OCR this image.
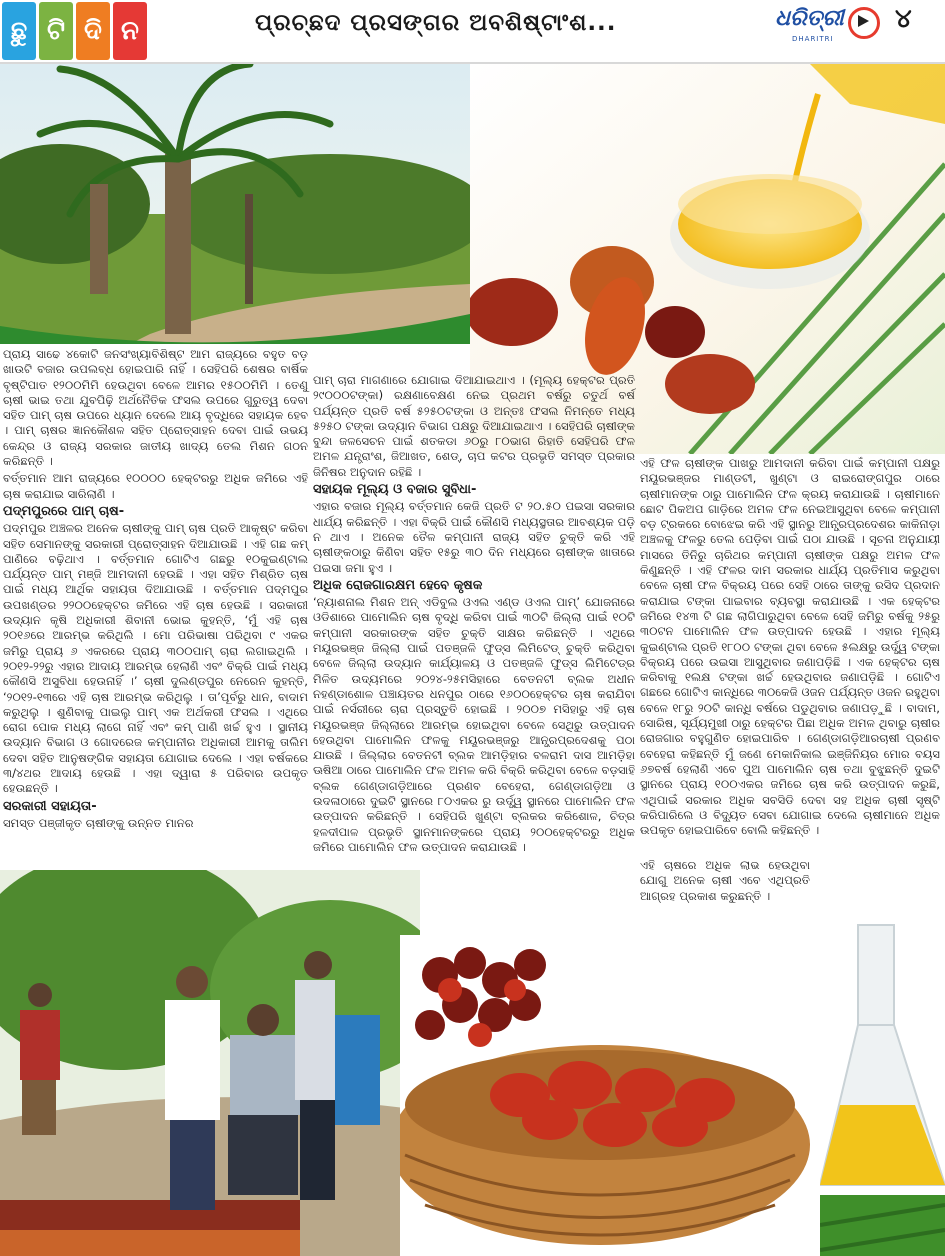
ଛୁ ଟି ଦି ନ	ପ୍ରଚ୍ଛଦ ପ୍ରସଙ୍ଗର ଅବଶିଷ୍ଟାଂଶ...	ଧରିତ୍ରୀ
DHARITRI
୪

ପ୍ରାୟ ସାଢେ ୪କୋଟି ଜନସଂଖ୍ୟାବିଶିଷ୍ଟ ଆମ ରାଜ୍ୟରେ ବହୁତ ବଡ଼ ଖାଉଟି ବଜାର ଉପଲବ୍ଧ ହୋଇପାରି ନାହିଁ । ସେହିପରି ଶେଷର ବାର୍ଷିକ ବୃଷ୍ଟିପାତ ୧୨୦୦ମିମି ହେଉଥିବା ବେଳେ ଆମର ୧୫୦୦ମିମି । ତେଣୁ ଚାଷୀ ଭାଇ ତଥା ଯୁବପିଢ଼ି ଅର୍ଥନୈତିକ ଫସଲ ଉପରେ ଗୁରୁତ୍ୱ ଦେବା ସହିତ ପାମ୍ ଚାଷ ଉପରେ ଧ୍ୟାନ ଦେଲେ ଆୟ ବୃଦ୍ଧିରେ ସହାୟକ ହେବ । ପାମ୍ ଚାଷର ଜ୍ଞାନକୌଶଳ ସହିତ ପ୍ରୋତ୍ସାହନ ଦେବା ପାଇଁ ଉଭୟ କେନ୍ଦ୍ର ଓ ରାଜ୍ୟ ସରକାର ଜାତୀୟ ଖାଦ୍ୟ ତେଲ ମିଶନ ଗଠନ କରିଛନ୍ତି ।

ବର୍ତ୍ତମାନ ଆମ ରାଜ୍ୟରେ ୧୦୦୦୦ ହେକ୍ଟରରୁ ଅଧିକ ଜମିରେ ଏହି ଚାଷ କରାଯାଇ ସାରିଲାଣି ।

ପଦ୍ମପୁରରେ ପାମ୍ ଚାଷ-

ପଦ୍ମପୁର ଅଞ୍ଚଳର ଅନେକ ଚାଷୀଙ୍କୁ ପାମ୍ ଚାଷ ପ୍ରତି ଆକୃଷ୍ଟ କରିବା ସହିତ ସେମାନଙ୍କୁ ସରକାରୀ ପ୍ରୋତ୍ସାହନ ଦିଆଯାଉଛି । ଏହି ଗଛ କମ୍ ପାଣିରେ ବଢ଼ିଥାଏ । ବର୍ତ୍ତମାନ ଗୋଟିଏ ଗଛରୁ ୧୦କୁଇଣ୍ଟାଲ ପର୍ଯ୍ୟନ୍ତ ପାମ୍ ମଞ୍ଜି ଆମଦାନୀ ହେଉଛି । ଏହା ସହିତ ମିଶ୍ରିତ ଚାଷ ପାଇଁ ମଧ୍ୟ ଆର୍ଥିକ ସହାୟତା ଦିଆଯାଉଛି । ବର୍ତ୍ତମାନ ପଦ୍ମପୁର ଉପଖଣ୍ଡର ୨୨୦୦ହେକ୍ଟର ଜମିରେ ଏହି ଚାଷ ହେଉଛି । ସରକାରୀ ଉଦ୍ୟାନ କୃଷି ଅଧିକାରୀ ଶିବାନୀ ଭୋଇ କୁହନ୍ତି, ‘ମୁଁ ଏହି ଚାଷ ୨୦୧୬ରେ ଆରମ୍ଭ କରିଥିଲି । ମୋ ପରିଭାଷା ପରିଥିବା ୯ ଏକର ଜମିରୁ ପ୍ରାୟ ୬ ଏକରରେ ପ୍ରାୟ ୩୦୦ପାମ୍ ଚାରା ଲଗାଇଥିଲି । ୨୦୧୨-୨୨ରୁ ଏହାର ଆଦାୟ ଆରମ୍ଭ ହେଲାଣି ଏବଂ ବିକ୍ରି ପାଇଁ ମଧ୍ୟ କୌଣସି ଅସୁବିଧା ହେଉନାହିଁ ।’ ଚାଷୀ ଦୁଲଣ୍ଡପୁର ନେରେନ କୁହନ୍ତି, ‘୨୦୧୨-୧୩ରେ ଏହି ଚାଷ ଆରମ୍ଭ କରିଥିଲୁ । ତା’ପୂର୍ବରୁ ଧାନ, ବାଦାମ କରୁଥିଲୁ । ଶୁଣିବାକୁ ପାଇଲୁ ପାମ୍ ଏକ ଅର୍ଥକରୀ ଫସଲ । ଏଥିରେ ରୋଗ ପୋକ ମଧ୍ୟ ଲାଗେ ନାହିଁ ଏବଂ କମ୍ ପାଣି ଖର୍ଚ୍ଚ ହୁଏ । ସ୍ଥାନୀୟ ଉଦ୍ୟାନ ବିଭାଗ ଓ ଗୋଦରେଜ କମ୍ପାନୀର ଅଧିକାରୀ ଆମକୁ ତାଲିମ ଦେବା ସହିତ ଆନୁଷଙ୍ଗିକ ସହାୟତା ଯୋଗାଇ ଦେଲେ । ଏହା ବର୍ଷକରେ ୩/୪ଥର ଆଦାୟ ହେଉଛି । ଏହା ଦ୍ୱାରା ୫ ପରିବାର ଉପକୃତ ହେଉଛନ୍ତି ।

ସରକାରୀ ସହାୟତା-

ସମସ୍ତ ପଞ୍ଜୀକୃତ ଚାଷୀଙ୍କୁ ଉନ୍ନତ ମାନର

ପାମ୍ ଚାରା ମାଗଣାରେ ଯୋଗାଇ ଦିଆଯାଇଥାଏ । (ମୂଲ୍ୟ ହେକ୍ଟର ପ୍ରତି ୨୯୦୦୦ଟଙ୍କା) ରକ୍ଷଣାବେକ୍ଷଣ ନେଇ ପ୍ରଥମ ବର୍ଷରୁ ଚତୁର୍ଥ ବର୍ଷ ପର୍ଯ୍ୟନ୍ତ ପ୍ରତି ବର୍ଷ ୫୨୫୦ଟଙ୍କା ଓ ଅନ୍ତଃ ଫସଲ ନିମନ୍ତେ ମଧ୍ୟ ୫୨୫୦ ଟଙ୍କା ଉଦ୍ୟାନ ବିଭାଗ ପକ୍ଷରୁ ଦିଆଯାଇଥାଏ । ସେହିପରି ଚାଷୀଙ୍କ ବୁନ୍ଦା ଜଳସେଚନ ପାଇଁ ଶତକଡା ୬୦ରୁ ୮୦ଭାଗ ରିହାତି ସେହିପରି ଫଳ ଅମଳ ଯନ୍ତ୍ରାଂଶ, ଜିଆଖତ, ଶେଡ୍, ଚାପ କଟର ପ୍ରଭୃତି ସମସ୍ତ ପ୍ରକାର ଜିନିଷର ଅନୁଦାନ ରହିଛି ।

ସହାୟକ ମୂଲ୍ୟ ଓ ବଜାର ସୁବିଧା-

ଏହାର ବଜାର ମୂଲ୍ୟ ବର୍ତ୍ତମାନ କେଜି ପ୍ରତି ଟ ୨୦.୫୦ ପଇସା ସରକାର ଧାର୍ଯ୍ୟ କରିଛନ୍ତି । ଏହା ବିକ୍ରି ପାଇଁ କୌଣସି ମଧ୍ୟସ୍ଥତାର ଆବଶ୍ୟକ ପଡ଼ି ନ ଥାଏ । ଅନେକ ତୈଳ କମ୍ପାନୀ ରାଜ୍ୟ ସହିତ ଚୁକ୍ତି କରି ଏହି ଚାଷୀଙ୍କଠାରୁ କିଣିବା ସହିତ ୧୫ରୁ ୩୦ ଦିନ ମଧ୍ୟରେ ଚାଷୀଙ୍କ ଖାତାରେ ପଇସା ଜମା ହୁଏ ।

ଅଧିକ ରୋଜଗାରକ୍ଷମ ହେବେ କୃଷକ

‘ନ୍ୟାଶନାଲ ମିଶନ ଅନ୍ ଏଡିବୁଲ ଓଏଲ ଏଣ୍ଡ ଓଏଲ ପାମ୍’ ଯୋଜନାରେ ଓଡିଶାରେ ପାମୋଲିନ ଚାଷ ବୃଦ୍ଧି କରିବା ପାଇଁ ୩୦ଟି ଜିଲ୍ଲା ପାଇଁ ୧୦ଟି କମ୍ପାନୀ ସରକାରଙ୍କ ସହିତ ଚୁକ୍ତି ସାକ୍ଷର କରିଛନ୍ତି । ଏଥିରେ ମୟୂରଭଞ୍ଜ ଜିଲ୍ଲା ପାଇଁ ପତଞ୍ଜଳି ଫୁଡ୍ସ ଲିମିଟେଡ୍ ଚୁକ୍ତି କରିଥିବା ବେଳେ ଜିଲ୍ଲା ଉଦ୍ୟାନ କାର୍ଯ୍ୟାଳୟ ଓ ପତଞ୍ଜଳି ଫୁଡ୍ସ ଲିମିଟେଡ୍‌ର ମିଳିତ ଉଦ୍ୟମରେ ୨୦୨୪-୨୫ମସିହାରେ ବେତନଟୀ ବ୍ଲକ ଅଧୀନ ନହଣ୍ଡାଶୋଳ ପଞ୍ଚାୟତର ଧନପୁର ଠାରେ ୧୬୦୦ହେକ୍ଟର ଚାଷ କରାଯିବା ପାଇଁ ନର୍ସରୀରେ ଚାରା ପ୍ରସ୍ତୁତି ହୋଇଛି । ୨୦୦୭ ମସିହାରୁ ଏହି ଚାଷ ମୟୂରଭଞ୍ଜ ଜିଲ୍ଲାରେ ଆରମ୍ଭ ହୋଇଥିବା ବେଳେ ସେଥିରୁ ଉତ୍ପାଦନ ହେଉଥିବା ପାମୋଲିନ ଫଳକୁ ମୟୂରଭଞ୍ଜରୁ ଆନ୍ଧ୍ରପ୍ରଦେଶକୁ ପଠା ଯାଉଛି । ଜିଲ୍ଲାର ବେତନଟୀ ବ୍ଲକ ଆମଡ଼ିହାର ବଳରାମ ଦାସ ଆମଡ଼ିହା ଊଷିଆ ଠାରେ ପାମୋଲିନ ଫଳ ଅମଳ କରି ବିକ୍ରି କରିଥିବା ବେଳେ ବଡ଼ସାହି ବ୍ଲକ ଗେଣ୍ଡାଗଡ଼ିଆରେ ପ୍ରଣବ ବେହେରା, ଗେଣ୍ଡାଗଡ଼ିଆ ଓ ଉଦଳାଠାରେ ଦୁଇଟି ସ୍ଥାନରେ ୮୦ଏକର ରୁ ଉର୍ଦ୍ଧ୍ୱ ସ୍ଥାନରେ ପାମୋଲିନ ଫଳ ଉତ୍ପାଦନ କରିଛନ୍ତି । ସେହିପରି ଖୁଣ୍ଟା ବ୍ଲକର କରିଶୋଳ, ଚିତ୍ର ହଳଦୀପାଳ ପ୍ରଭୃତି ସ୍ଥାନମାନଙ୍କରେ ପ୍ରାୟ ୨୦୦ହେକ୍ଟରରୁ ଅଧିକ ଜମିରେ ପାମୋଲିନ ଫଳ ଉତ୍ପାଦନ କରାଯାଉଛି ।

ଏହି ଫଳ ଚାଷୀଙ୍କ ପାଖରୁ ଆମଦାନୀ କରିବା ପାଇଁ କମ୍ପାନୀ ପକ୍ଷରୁ ମୟୂରଭଞ୍ଜର ମାଣ୍ଡଟୀ, ଖୁଣ୍ଟା ଓ ରାଇରୋଙ୍ଗପୁର ଠାରେ ଚାଷୀମାନଙ୍କ ଠାରୁ ପାମୋଲିନ ଫଳ କ୍ରୟ କରାଯାଉଛି । ଚାଷୀମାନେ ଛୋଟ ପିକଅପ ଗାଡ଼ିରେ ଅମଳ ଫଳ ନେଇଆସୁଥିବା ବେଳେ କମ୍ପାନୀ ବଡ଼ ଟ୍ରକରେ ବୋଝେଇ କରି ଏହି ସ୍ଥାନରୁ ଆନ୍ଧ୍ରପ୍ରଦେଶର କାକିନାଡ଼ା ଅଞ୍ଚଳକୁ ଫଳରୁ ତେଲ ପେଡ଼ିବା ପାଇଁ ପଠା ଯାଉଛି । ସୂଚନା ଅନୁଯାୟୀ ମାସରେ ତିନିରୁ ଚାରିଥର କମ୍ପାନୀ ଚାଷୀଙ୍କ ପକ୍ଷରୁ ଅମଳ ଫଳ କିଣୁଛନ୍ତି । ଏହି ଫଳର ଦାମ ସରକାର ଧାର୍ଯ୍ୟ ପ୍ରତିମାସ କରୁଥିବା ବେଳେ ଚାଷୀ ଫଳ ବିକ୍ରୟ ପରେ ସେହି ଠାରେ ତାଙ୍କୁ ରସିଦ ପ୍ରଦାନ କରାଯାଇ ଟଙ୍କା ପାଇବାର ବ୍ୟବସ୍ଥା କରାଯାଉଛି । ଏକ ହେକ୍ଟର ଜମିରେ ୧୪୩ ଟି ଗଛ ଲାଗିପାରୁଥିବା ବେଳେ ସେହି ଜମିରୁ ବର୍ଷକୁ ୨୫ରୁ ୩୦ଟନ ପାମୋଲିନ ଫଳ ଉତ୍ପାଦନ ହେଉଛି । ଏହାର ମୂଲ୍ୟ କୁଇଣ୍ଟାଲ ପ୍ରତି ୧୮୦୦ ଟଙ୍କା ଥିବା ବେଳେ ୫ଲକ୍ଷରୁ ଉର୍ଦ୍ଧ୍ୱ ଟଙ୍କା ବିକ୍ରୟ ପରେ ଉଇସା ଆସୁଥିବାର ଜଣାପଡ଼ିଛି । ଏକ ହେକ୍ଟର ଚାଷ କରିବାକୁ ୧ଲକ୍ଷ ଟଙ୍କା ଖର୍ଚ୍ଚ ହେଉଥିବାର ଜଣାପଡ଼ିଛି । ଗୋଟିଏ ଗଛରେ ଗୋଟିଏ କାନ୍ଧିରେ ୩୦କେଜି ଓଜନ ପର୍ଯ୍ୟନ୍ତ ଓଜନ ରହୁଥିବା ବେଳେ ୧୮ରୁ ୨୦ଟି କାନ୍ଧି ବର୍ଷରେ ପଡୁଥିବାର ଜଣାପଡ଼ୁଛି । ବାଦାମ, ସୋରିଷ, ସୂର୍ଯ୍ୟମୁଖୀ ଠାରୁ ହେକ୍ଟର ପିଛା ଅଧିକ ଅମଳ ଥିବାରୁ ଚାଷୀର ରୋଜଗାର ବହୁଗୁଣିତ ହୋଇପାରିବ । ଗେଣ୍ଡାଗଡ଼ିଆରଚାଷୀ ପ୍ରଣବ ବେହେରା କହିଛନ୍ତି ମୁଁ ଜଣେ ମେକାନିକାଲ ଇଞ୍ଜିନିୟର ମୋର ବୟସ ୬୭ବର୍ଷ ହେଲାଣି ଏବେ ପୁଅ ପାମୋଲିନ ଚାଷ ତଥା ବୁଝୁଛନ୍ତି ଦୁଇଟି ସ୍ଥାନରେ ପ୍ରାୟ ୧୦୦ଏକର ଜମିରେ ଚାଷ କରି ଉତ୍ପାଦନ କରୁଛି, ଏଥିପାଇଁ ସରକାର ଅଧିକ ସବସିଡି ଦେବା ସହ ଅଧିକ ଚାଷୀ ସୃଷ୍ଟି କରିପାରିଲେ ଓ ବିଦ୍ୟୁତ ସେବା ଯୋଗାଇ ଦେଲେ ଚାଷୀମାନେ ଅଧିକ ଉପକୃତ ହୋଇପାରିବେ ବୋଲି କହିଛନ୍ତି ।

ଏହି ଚାଷରେ ଅଧିକ ଲାଭ ହେଉଥିବା ଯୋଗୁ ଅନେକ ଚାଷୀ ଏବେ ଏଥିପ୍ରତି ଆଗ୍ରହ ପ୍ରକାଶ କରୁଛନ୍ତି ।
